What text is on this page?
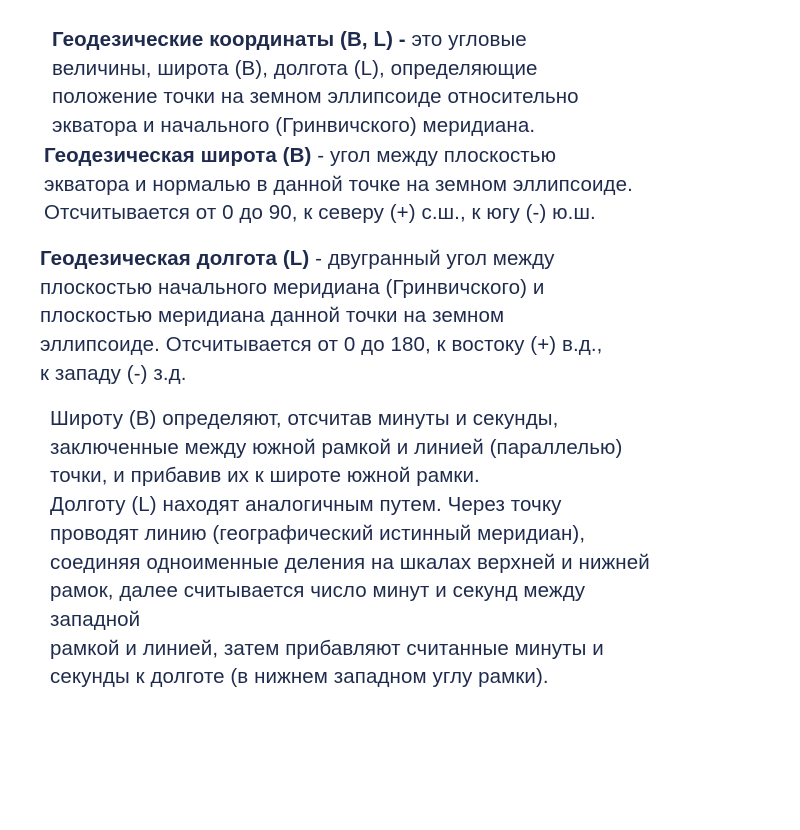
Геодезические координаты (B, L) - это угловые
величины, широта (B), долгота (L), определяющие
положение точки на земном эллипсоиде относительно
экватора и начального (Гринвичского) меридиана.
Геодезическая широта (B) - угол между плоскостью
экватора и нормалью в данной точке на земном эллипсоиде.
Отсчитывается от 0 до 90, к северу (+) с.ш., к югу (-) ю.ш.
Геодезическая долгота (L) - двугранный угол между
плоскостью начального меридиана (Гринвичского) и
плоскостью меридиана данной точки на земном
эллипсоиде. Отсчитывается от 0 до 180, к востоку (+) в.д.,
к западу (-) з.д.
Широту (B) определяют, отсчитав минуты и секунды,
заключенные между южной рамкой и линией (параллелью)
точки, и прибавив их к широте южной рамки.
Долготу (L) находят аналогичным путем. Через точку
проводят линию (географический истинный меридиан),
соединяя одноименные деления на шкалах верхней и нижней
рамок, далее считывается число минут и секунд между
западной
рамкой и линией, затем прибавляют считанные минуты и
секунды к долготе (в нижнем западном углу рамки).
